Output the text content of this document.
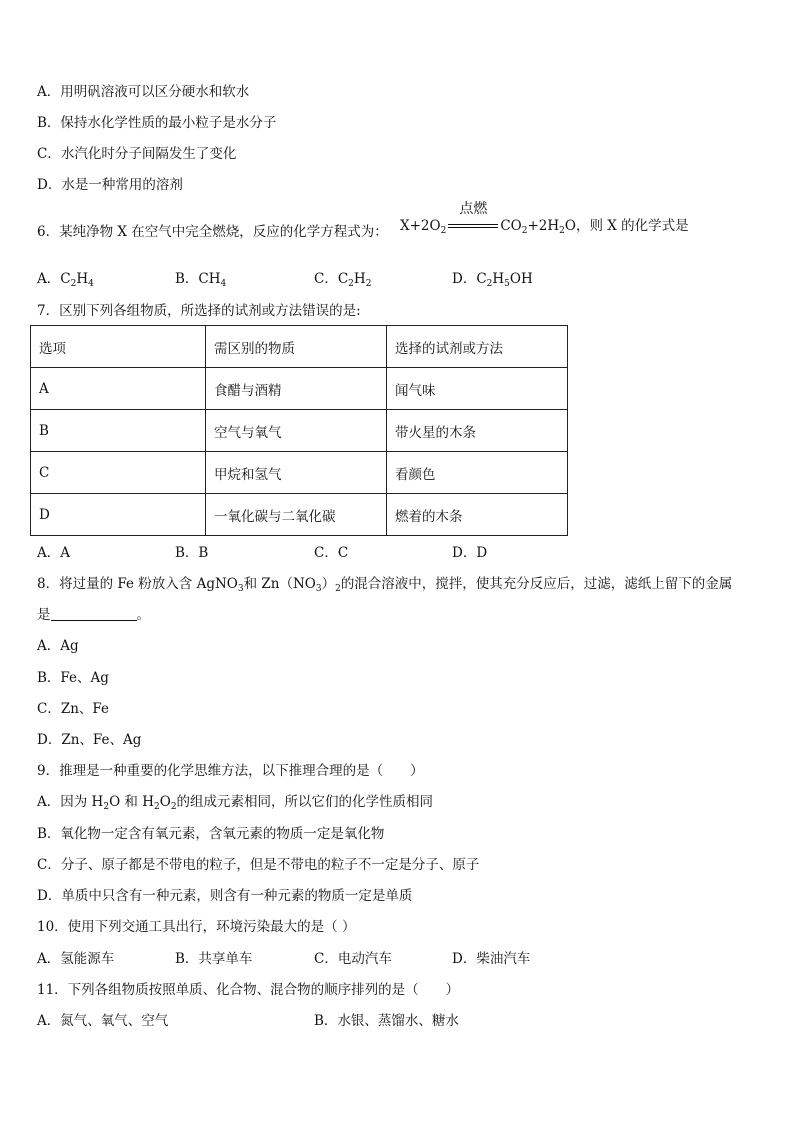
A．用明矾溶液可以区分硬水和软水
B．保持水化学性质的最小粒子是水分子
C．水汽化时分子间隔发生了变化
D．水是一种常用的溶剂
6．某纯净物 X 在空气中完全燃烧，反应的化学方程式为： $X+2O_2$
点燃
$CO_2+2H_2O$，则 X 的化学式是
A．$C_2H_4$	B．$CH_4$	C．$C_2H_2$	D．$C_2H_5OH$
7．区别下列各组物质，所选择的试剂或方法错误的是:
选项	需区别的物质	选择的试剂或方法
A	食醋与酒精	闻气味
B	空气与氧气	带火星的木条
C	甲烷和氢气	看颜色
D	一氧化碳与二氧化碳	燃着的木条
A．A	B．B	C．C	D．D
8．将过量的 Fe 粉放入含 AgNO$_3$和 $Zn(NO_3)_2$的混合溶液中，搅拌，使其充分反应后，过滤，滤纸上留下的金属
是	。
A．Ag
B．Fe、Ag
C．Zn、Fe
D．Zn、Fe、Ag
9．推理是一种重要的化学思维方法，以下推理合理的是（　　）
A．因为 $H_2O$ 和 $H_2O_2$的组成元素相同，所以它们的化学性质相同
B．氧化物一定含有氧元素，含氧元素的物质一定是氧化物
C．分子、原子都是不带电的粒子，但是不带电的粒子不一定是分子、原子
D．单质中只含有一种元素，则含有一种元素的物质一定是单质
10．使用下列交通工具出行，环境污染最大的是（ ）
A．氢能源车	B．共享单车	C．电动汽车	D．柴油汽车
11．下列各组物质按照单质、化合物、混合物的顺序排列的是（　　）
A．氮气、氧气、空气	B．水银、蒸馏水、糖水
